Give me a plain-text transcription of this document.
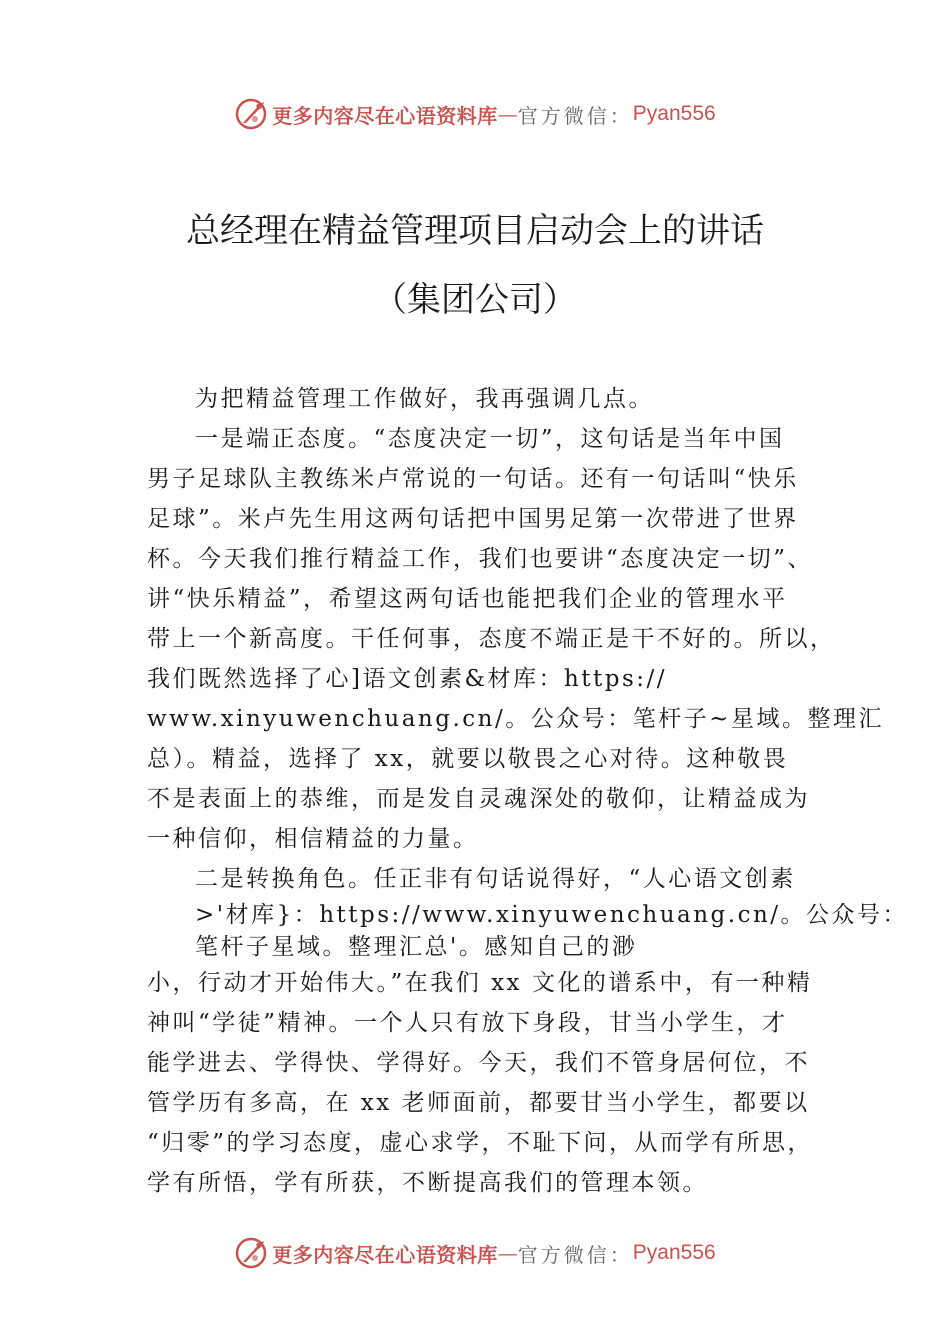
更多内容尽在心语资料库 — 官方微信： Pyan556
总经理在精益管理项目启动会上的讲话
（集团公司）
为把精益管理工作做好，我再强调几点。
一是端正态度。“态度决定一切”，这句话是当年中国
男子足球队主教练米卢常说的一句话。还有一句话叫“快乐
足球”。米卢先生用这两句话把中国男足第一次带进了世界
杯。今天我们推行精益工作，我们也要讲“态度决定一切”、
讲“快乐精益”，希望这两句话也能把我们企业的管理水平
带上一个新高度。干任何事，态度不端正是干不好的。所以，
我们既然选择了心]语文创素&材库：https://
www.xinyuwenchuang.cn/。公众号：笔杆子~星域。整理汇
总）。精益，选择了 xx，就要以敬畏之心对待。这种敬畏
不是表面上的恭维，而是发自灵魂深处的敬仰，让精益成为
一种信仰，相信精益的力量。
二是转换角色。任正非有句话说得好，“人心语文创素
>'材库}：https://www.xinyuwenchuang.cn/。公众号：
笔杆子星域。整理汇总'。感知自己的渺
小，行动才开始伟大。”在我们 xx 文化的谱系中，有一种精
神叫“学徒”精神。一个人只有放下身段，甘当小学生，才
能学进去、学得快、学得好。今天，我们不管身居何位，不
管学历有多高，在 xx 老师面前，都要甘当小学生，都要以
“归零”的学习态度，虚心求学，不耻下问，从而学有所思，
学有所悟，学有所获，不断提高我们的管理本领。
更多内容尽在心语资料库 — 官方微信： Pyan556
